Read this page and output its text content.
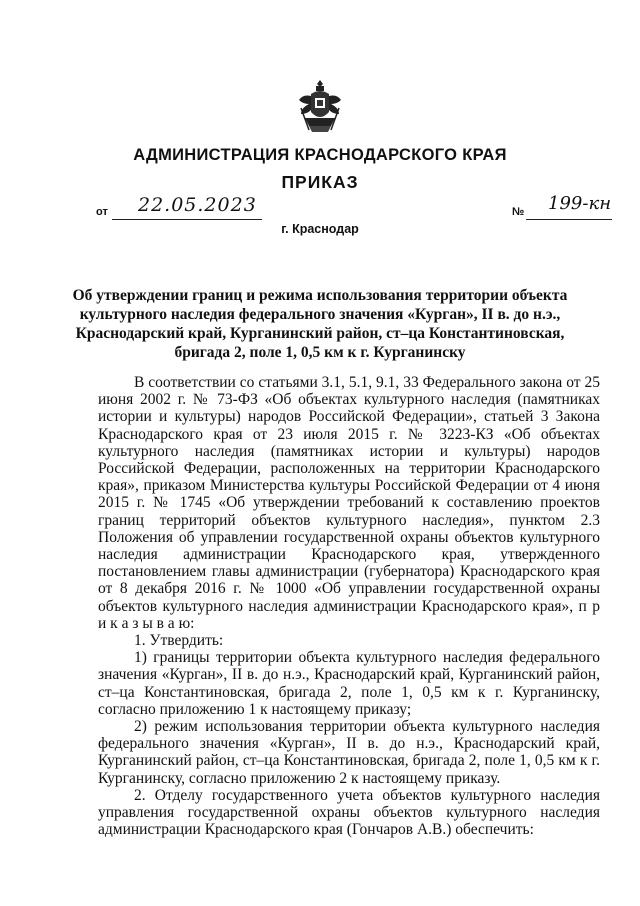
АДМИНИСТРАЦИЯ КРАСНОДАРСКОГО КРАЯ
ПРИКАЗ
от 22.05.2023	№ 199-кн
г. Краснодар
Об утверждении границ и режима использования территории объекта культурного наследия федерального значения «Курган», II в. до н.э., Краснодарский край, Курганинский район, ст–ца Константиновская, бригада 2, поле 1, 0,5 км к г. Курганинску

В соответствии со статьями 3.1, 5.1, 9.1, 33 Федерального закона от 25 июня 2002 г. № 73-ФЗ «Об объектах культурного наследия (памятниках истории и культуры) народов Российской Федерации», статьей 3 Закона Краснодарского края от 23 июля 2015 г. № 3223-КЗ «Об объектах культурного наследия (памятниках истории и культуры) народов Российской Федерации, расположенных на территории Краснодарского края», приказом Министерства культуры Российской Федерации от 4 июня 2015 г. № 1745 «Об утверждении требований к составлению проектов границ территорий объектов культурного наследия», пунктом 2.3 Положения об управлении государственной охраны объектов культурного наследия администрации Краснодарского края, утвержденного постановлением главы администрации (губернатора) Краснодарского края от 8 декабря 2016 г. № 1000 «Об управлении государственной охраны объектов культурного наследия администрации Краснодарского края», п р и к а з ы в а ю:

1. Утвердить:

1) границы территории объекта культурного наследия федерального значения «Курган», II в. до н.э., Краснодарский край, Курганинский район, ст–ца Константиновская, бригада 2, поле 1, 0,5 км к г. Курганинску, согласно приложению 1 к настоящему приказу;

2) режим использования территории объекта культурного наследия федерального значения «Курган», II в. до н.э., Краснодарский край, Курганинский район, ст–ца Константиновская, бригада 2, поле 1, 0,5 км к г. Курганинску, согласно приложению 2 к настоящему приказу.

2. Отделу государственного учета объектов культурного наследия управления государственной охраны объектов культурного наследия администрации Краснодарского края (Гончаров А.В.) обеспечить:
